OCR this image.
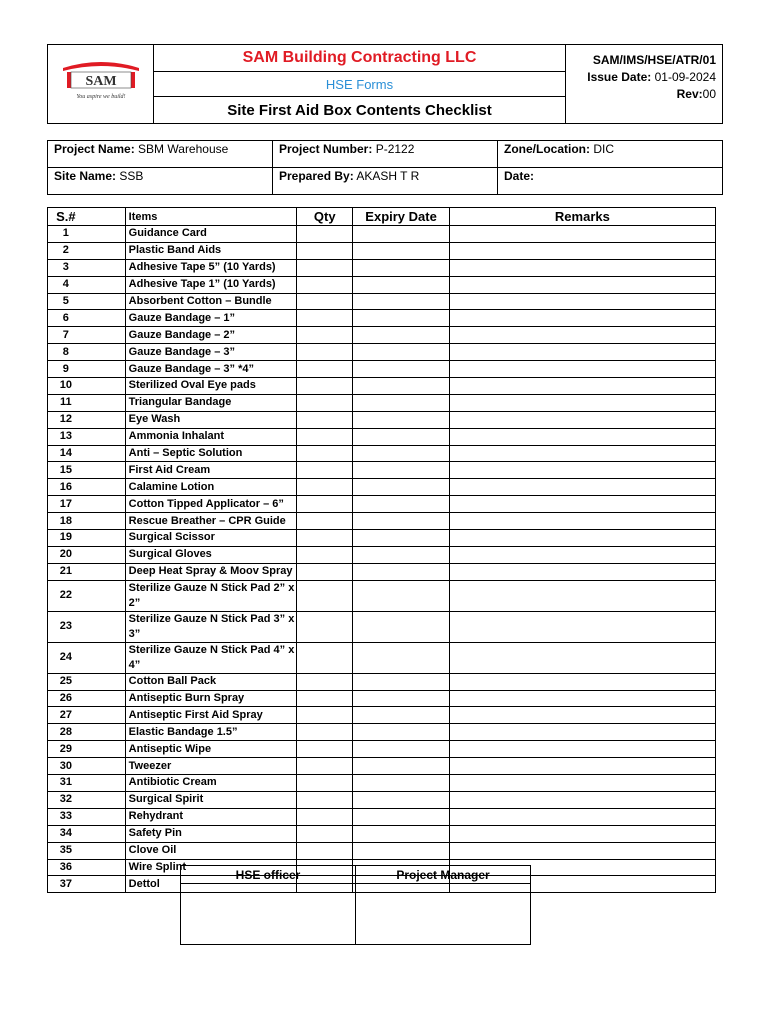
SAM
You aspire we build!
	SAM Building Contracting LLC	SAM/IMS/HSE/ATR/01
Issue Date: 01-09-2024
Rev:00

HSE Forms
Site First Aid Box Contents Checklist
Project Name: SBM Warehouse	Project Number: P-2122	Zone/Location: DIC
Site Name: SSB	Prepared By: AKASH T R	Date:
S.#	Items	Qty	Expiry Date	Remarks
1	Guidance Card			
2	Plastic Band Aids			
3	Adhesive Tape 5” (10 Yards)			
4	Adhesive Tape 1” (10 Yards)			
5	Absorbent Cotton – Bundle			
6	Gauze Bandage – 1”			
7	Gauze Bandage – 2”			
8	Gauze Bandage – 3”			
9	Gauze Bandage – 3” *4”			
10	Sterilized Oval Eye pads			
11	Triangular Bandage			
12	Eye Wash			
13	Ammonia Inhalant			
14	Anti – Septic Solution			
15	First Aid Cream			
16	Calamine Lotion			
17	Cotton Tipped Applicator – 6”			
18	Rescue Breather – CPR Guide			
19	Surgical Scissor			
20	Surgical Gloves			
21	Deep Heat Spray & Moov Spray			
22	Sterilize Gauze N Stick Pad 2” x 2”			
23	Sterilize Gauze N Stick Pad 3” x 3”			
24	Sterilize Gauze N Stick Pad 4” x 4”			
25	Cotton Ball Pack			
26	Antiseptic Burn Spray			
27	Antiseptic First Aid Spray			
28	Elastic Bandage 1.5”			
29	Antiseptic Wipe			
30	Tweezer			
31	Antibiotic Cream			
32	Surgical Spirit			
33	Rehydrant			
34	Safety Pin			
35	Clove Oil			
36	Wire Splint			
37	Dettol			
HSE officer	Project Manager
